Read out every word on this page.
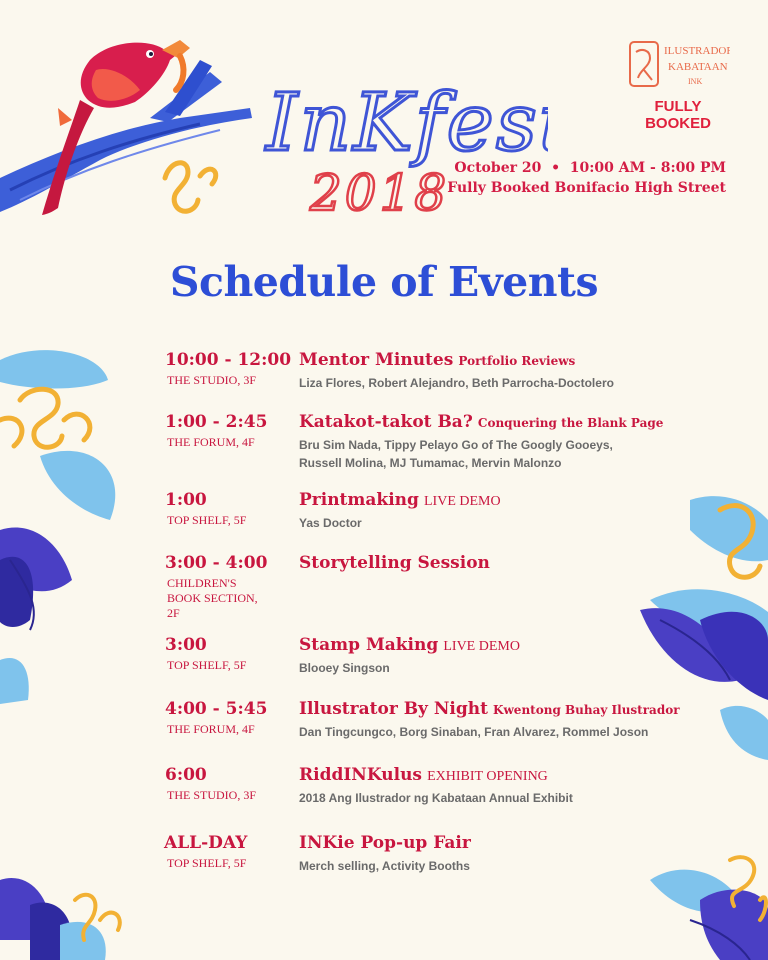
InKfest
2018
ILUSTRADOR
KABATAAN
INK
FULLY BOOKED
October 20  •  10:00 AM - 8:00 PM
Fully Booked Bonifacio High Street
Schedule of Events
10:00 - 12:00
THE STUDIO, 3F
Mentor Minutes Portfolio Reviews
Liza Flores, Robert Alejandro, Beth Parrocha-Doctolero
1:00 - 2:45
THE FORUM, 4F
Katakot-takot Ba? Conquering the Blank Page
Bru Sim Nada, Tippy Pelayo Go of The Googly Gooeys, Russell Molina, MJ Tumamac, Mervin Malonzo
1:00
TOP SHELF, 5F
Printmaking LIVE DEMO
Yas Doctor
3:00 - 4:00
CHILDREN'S BOOK SECTION, 2F
Storytelling Session
3:00
TOP SHELF, 5F
Stamp Making LIVE DEMO
Blooey Singson
4:00 - 5:45
THE FORUM, 4F
Illustrator By Night Kwentong Buhay Ilustrador
Dan Tingcungco, Borg Sinaban, Fran Alvarez, Rommel Joson
6:00
THE STUDIO, 3F
RiddINKulus EXHIBIT OPENING
2018 Ang Ilustrador ng Kabataan Annual Exhibit
ALL-DAY
TOP SHELF, 5F
INKie Pop-up Fair
Merch selling, Activity Booths
